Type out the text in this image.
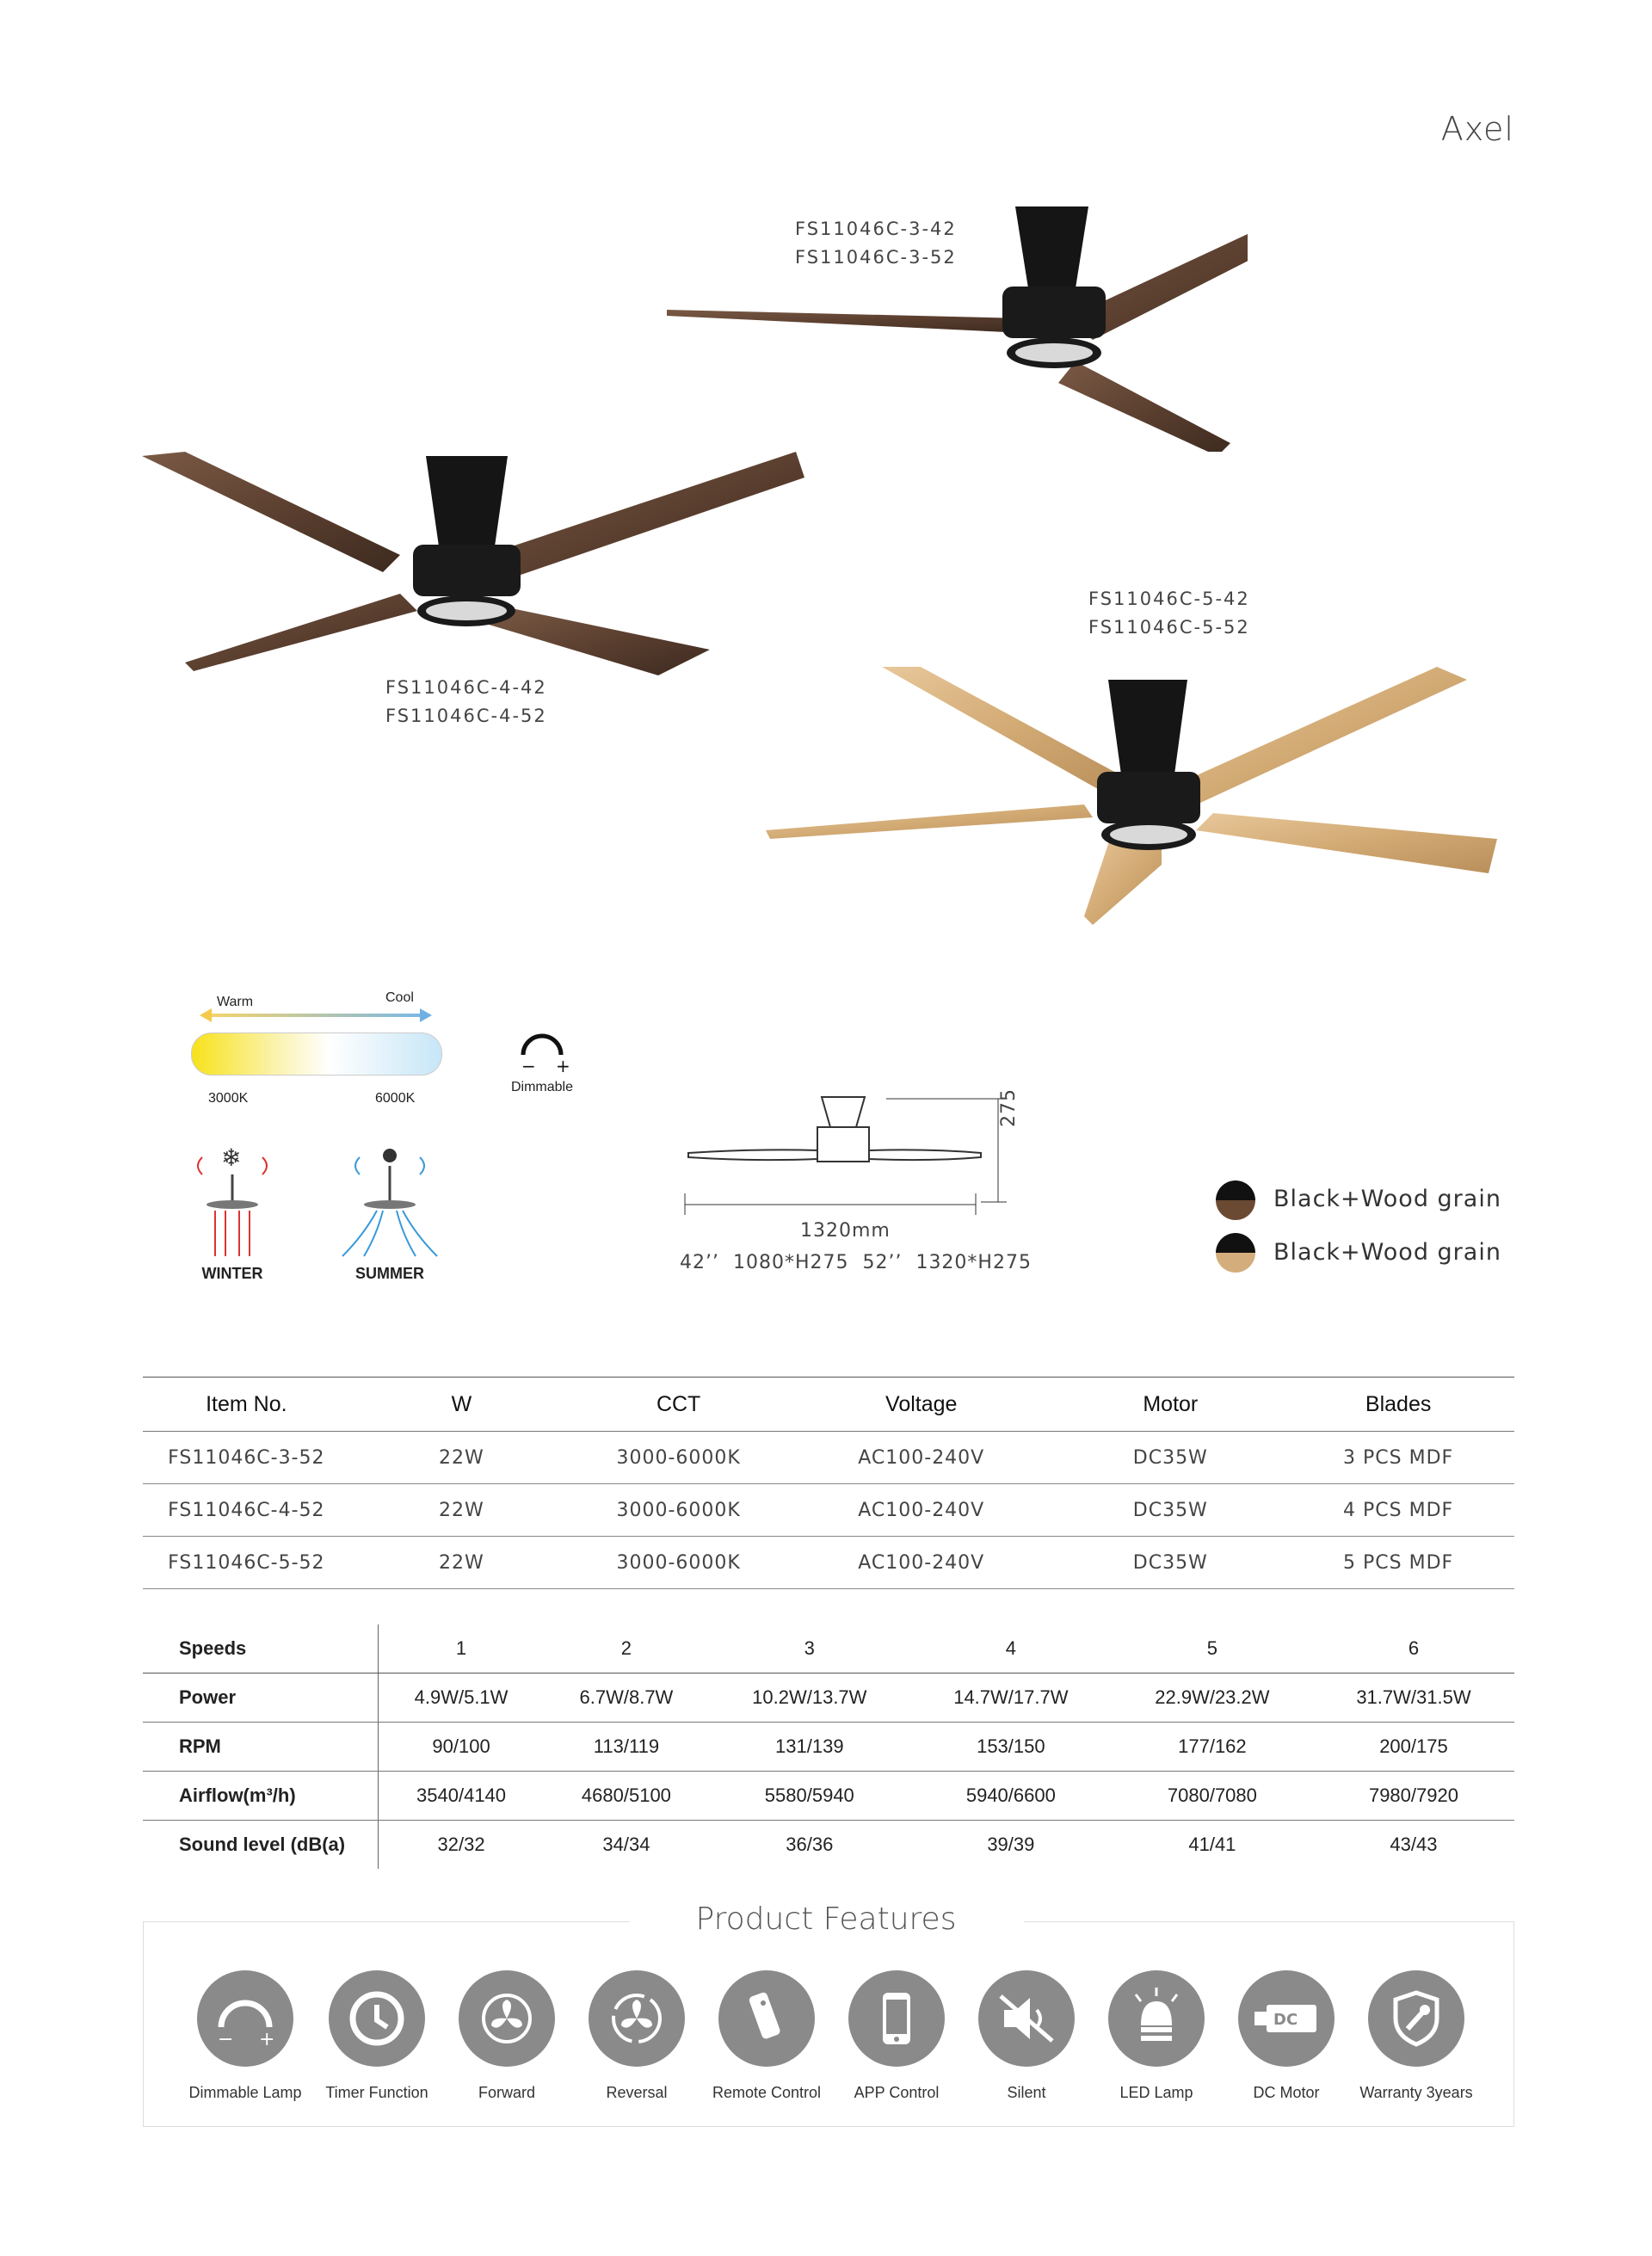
Axel
FS11046C-3-42
FS11046C-3-52
FS11046C-4-42
FS11046C-4-52
FS11046C-5-42
FS11046C-5-52
Warm	Cool
3000K	6000K
− +
Dimmable
❄
WINTER	SUMMER
275
1320mm
42’’  1080*H275  52’’  1320*H275
Black+Wood grain
Black+Wood grain
Item No.	W	CCT	Voltage	Motor	Blades
FS11046C-3-52	22W	3000-6000K	AC100-240V	DC35W	3 PCS MDF
FS11046C-4-52	22W	3000-6000K	AC100-240V	DC35W	4 PCS MDF
FS11046C-5-52	22W	3000-6000K	AC100-240V	DC35W	5 PCS MDF
Speeds	1	2	3	4	5	6
Power	4.9W/5.1W	6.7W/8.7W	10.2W/13.7W	14.7W/17.7W	22.9W/23.2W	31.7W/31.5W
RPM	90/100	113/119	131/139	153/150	177/162	200/175
Airflow(m³/h)	3540/4140	4680/5100	5580/5940	5940/6600	7080/7080	7980/7920
Sound level (dB(a)	32/32	34/34	36/36	39/39	41/41	43/43
Product Features
− +
Dimmable Lamp	Timer Function	Forward	Reversal	Remote Control	APP Control	Silent	LED Lamp
DC
DC Motor	Warranty 3years
